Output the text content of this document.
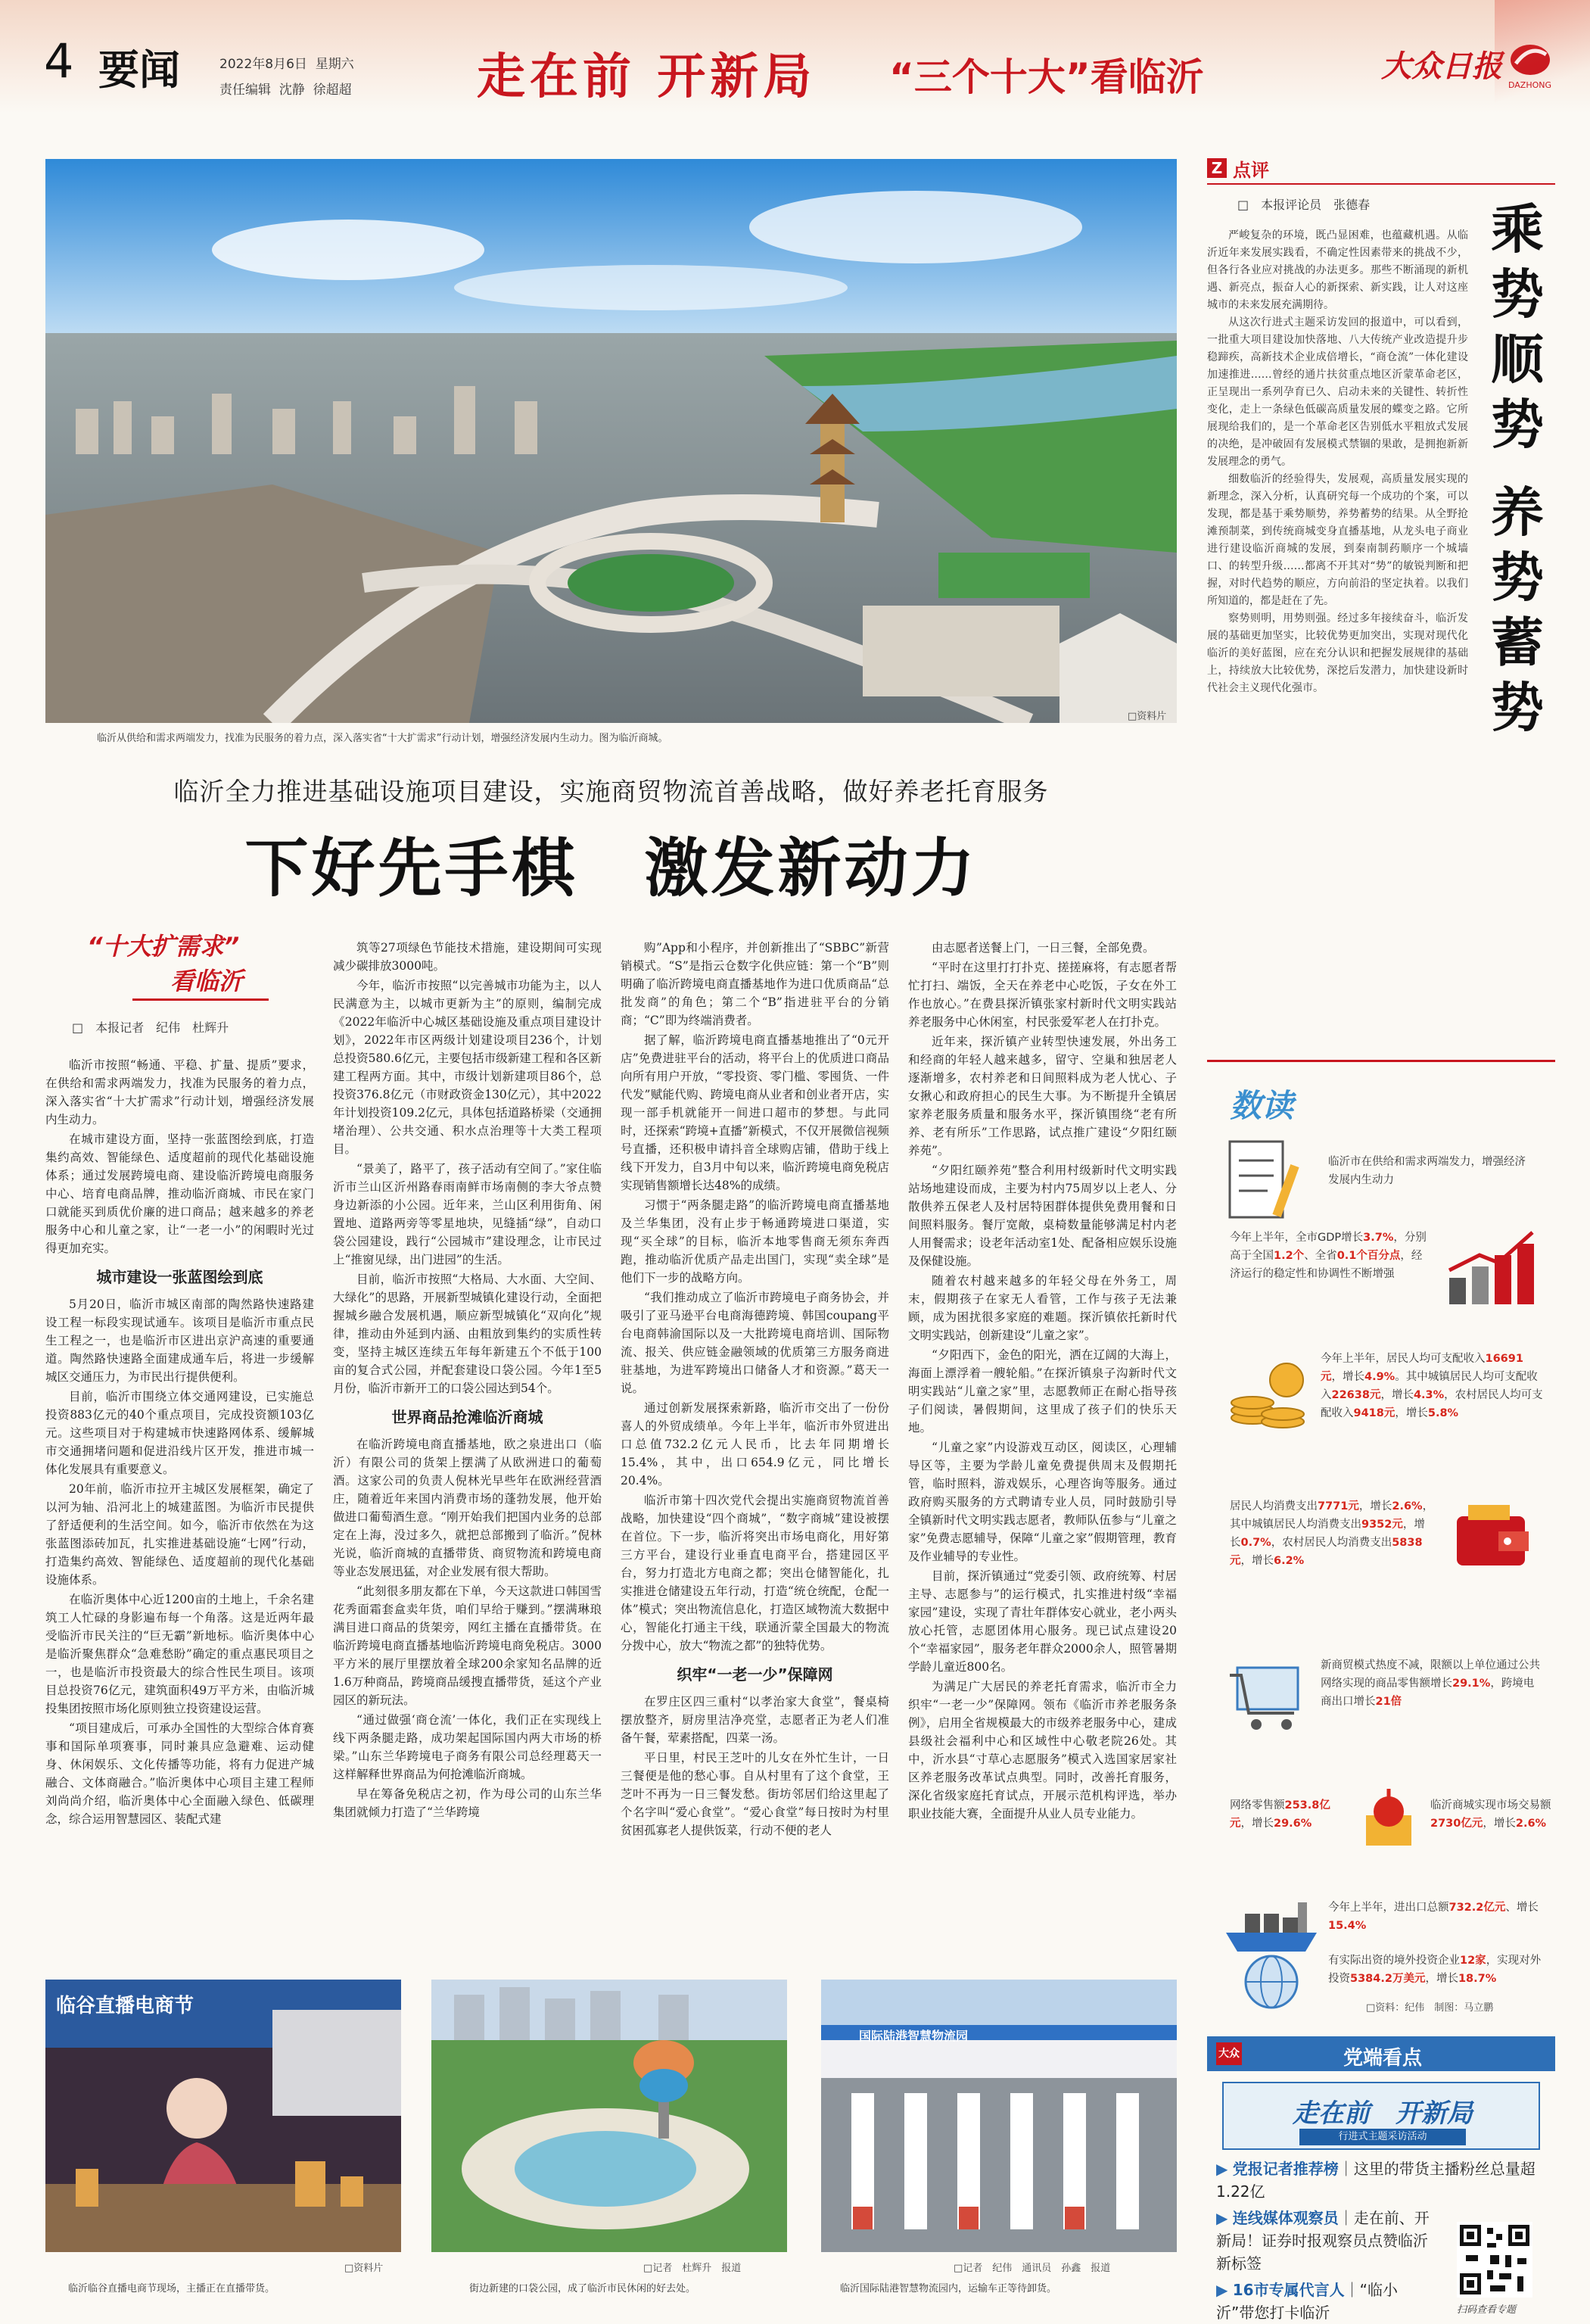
4 要闻	2022年8月6日 星期六
责任编辑 沈静 徐超超	走在前 开新局 “三个十大”看临沂	大众日报
DAZHONG
临沂从供给和需求两端发力，找准为民服务的着力点，深入落实省“十大扩需求”行动计划，增强经济发展内生动力。图为临沂商城。
□资料片
临沂全力推进基础设施项目建设，实施商贸物流首善战略，做好养老托育服务
下好先手棋　激发新动力
“十大扩需求”
看临沂
□　本报记者　纪伟　杜辉升

临沂市按照“畅通、平稳、扩量、提质”要求，在供给和需求两端发力，找准为民服务的着力点，深入落实省“十大扩需求”行动计划，增强经济发展内生动力。

在城市建设方面，坚持一张蓝图绘到底，打造集约高效、智能绿色、适度超前的现代化基础设施体系；通过发展跨境电商、建设临沂跨境电商服务中心、培育电商品牌，推动临沂商城、市民在家门口就能买到质优价廉的进口商品；越来越多的养老服务中心和儿童之家，让“一老一小”的闲暇时光过得更加充实。

城市建设一张蓝图绘到底

5月20日，临沂市城区南部的陶然路快速路建设工程一标段实现试通车。该项目是临沂市重点民生工程之一，也是临沂市区进出京沪高速的重要通道。陶然路快速路全面建成通车后，将进一步缓解城区交通压力，为市民出行提供便利。

目前，临沂市围绕立体交通网建设，已实施总投资883亿元的40个重点项目，完成投资额103亿元。这些项目对于构建城市快速路网体系、缓解城市交通拥堵问题和促进沿线片区开发，推进市城一体化发展具有重要意义。

20年前，临沂市拉开主城区发展框架，确定了以河为轴、沿河北上的城建蓝图。为临沂市民提供了舒适便利的生活空间。如今，临沂市依然在为这张蓝图添砖加瓦，扎实推进基础设施“七网”行动，打造集约高效、智能绿色、适度超前的现代化基础设施体系。

在临沂奥体中心近1200亩的土地上，千余名建筑工人忙碌的身影遍布每一个角落。这是近两年最受临沂市民关注的“巨无霸”新地标。临沂奥体中心是临沂聚焦群众“急难愁盼”确定的重点惠民项目之一，也是临沂市投资最大的综合性民生项目。该项目总投资76亿元，建筑面积49万平方米，由临沂城投集团按照市场化原则独立投资建设运营。

“项目建成后，可承办全国性的大型综合体育赛事和国际单项赛事，同时兼具应急避难、运动健身、休闲娱乐、文化传播等功能，将有力促进产城融合、文体商融合。”临沂奥体中心项目主建工程师刘尚尚介绍，临沂奥体中心全面融入绿色、低碳理念，综合运用智慧园区、装配式建

筑等27项绿色节能技术措施，建设期间可实现减少碳排放3000吨。

今年，临沂市按照“以完善城市功能为主，以人民满意为主，以城市更新为主”的原则，编制完成《2022年临沂中心城区基础设施及重点项目建设计划》，2022年市区两级计划建设项目236个，计划总投资580.6亿元，主要包括市级新建工程和各区新建工程两方面。其中，市级计划新建项目86个，总投资376.8亿元（市财政资金130亿元），其中2022年计划投资109.2亿元，具体包括道路桥梁（交通拥堵治理）、公共交通、积水点治理等十大类工程项目。

“景美了，路平了，孩子活动有空间了。”家住临沂市兰山区沂州路春雨南鲜市场南侧的李大爷点赞身边新添的小公园。近年来，兰山区利用街角、闲置地、道路两旁等零星地块，见缝插“绿”，自动口袋公园建设，践行“公园城市”建设理念，让市民过上“推窗见绿，出门进园”的生活。

目前，临沂市按照“大格局、大水面、大空间、大绿化”的思路，开展新型城镇化建设行动，全面把握城乡融合发展机遇，顺应新型城镇化“双向化”规律，推动由外延到内涵、由粗放到集约的实质性转变，坚持主城区连续五年每年新建五个不低于100亩的复合式公园，并配套建设口袋公园。今年1至5月份，临沂市新开工的口袋公园达到54个。

世界商品抢滩临沂商城

在临沂跨境电商直播基地，欧之泉进出口（临沂）有限公司的货架上摆满了从欧洲进口的葡萄酒。这家公司的负责人倪林光早些年在欧洲经营酒庄，随着近年来国内消费市场的蓬勃发展，他开始做进口葡萄酒生意。“刚开始我们把国内业务的总部定在上海，没过多久，就把总部搬到了临沂。”倪林光说，临沂商城的直播带货、商贸物流和跨境电商等业态发展迅猛，对企业发展有很大帮助。

“此刻很多朋友都在下单，今天这款进口韩国雪花秀面霜套盒卖年货，咱们早给于赚到。”摆满琳琅满目进口商品的货架旁，网红主播在直播带货。在临沂跨境电商直播基地临沂跨境电商免税店。3000平方米的展厅里摆放着全球200余家知名品牌的近1.6万种商品，跨境商品缓搜直播带货，延这个产业园区的新玩法。

“通过做强‘商仓流’一体化，我们正在实现线上线下两条腿走路，成功架起国际国内两大市场的桥梁。”山东兰华跨境电子商务有限公司总经理葛天一这样解释世界商品为何抢滩临沂商城。

早在筹备免税店之初，作为母公司的山东兰华集团就倾力打造了“兰华跨境

购”App和小程序，并创新推出了“SBBC”新营销模式。“S”是指云仓数字化供应链：第一个“B”则明确了临沂跨境电商直播基地作为进口优质商品“总批发商”的角色；第二个“B”指进驻平台的分销商；“C”即为终端消费者。

据了解，临沂跨境电商直播基地推出了“0元开店”免费进驻平台的活动，将平台上的优质进口商品向所有用户开放，“零投资、零门槛、零囤货、一件代发”赋能代购、跨境电商从业者和创业者开店，实现一部手机就能开一间进口超市的梦想。与此同时，还探索“跨境+直播”新模式，不仅开展微信视频号直播，还积极申请抖音全球购店铺，借助于线上线下开发力，自3月中旬以来，临沂跨境电商免税店实现销售额增长达48%的成绩。

习惯于“两条腿走路”的临沂跨境电商直播基地及兰华集团，没有止步于畅通跨境进口渠道，实现“买全球”的目标，临沂本地零售商无须东奔西跑，推动临沂优质产品走出国门，实现“卖全球”是他们下一步的战略方向。

“我们推动成立了临沂市跨境电子商务协会，并吸引了亚马逊平台电商海德跨境、韩国coupang平台电商韩渝国际以及一大批跨境电商培训、国际物流、报关、供应链金融领域的优质第三方服务商进驻基地，为进军跨境出口储备人才和资源。”葛天一说。

通过创新发展探索新路，临沂市交出了一份份喜人的外贸成绩单。今年上半年，临沂市外贸进出口总值732.2亿元人民币，比去年同期增长15.4%，其中，出口654.9亿元，同比增长20.4%。

临沂市第十四次党代会提出实施商贸物流首善战略，加快建设“四个商城”，“数字商城”建设被摆在首位。下一步，临沂将突出市场电商化，用好第三方平台，建设行业垂直电商平台，搭建园区平台，努力打造北方电商之都；突出仓储智能化，扎实推进仓储建设五年行动，打造“统仓统配，仓配一体”模式；突出物流信息化，打造区域物流大数据中心，智能化打通主干线，联通沂蒙全国最大的物流分拨中心，放大“物流之都”的独特优势。

织牢“一老一少”保障网

在罗庄区四三重村“以孝治家大食堂”，餐桌椅摆放整齐，厨房里洁净亮堂，志愿者正为老人们准备午餐，荤素搭配，四菜一汤。

平日里，村民王芝叶的儿女在外忙生计，一日三餐便是他的愁心事。自从村里有了这个食堂，王芝叶不再为一日三餐发愁。街坊邻居们给这里起了个名字叫“爱心食堂”。“爱心食堂”每日按时为村里贫困孤寡老人提供饭菜，行动不便的老人

由志愿者送餐上门，一日三餐，全部免费。

“平时在这里打打扑克、搓搓麻将，有志愿者帮忙打扫、端饭，全天在养老中心吃饭，子女在外工作也放心。”在费县探沂镇张家村新时代文明实践站养老服务中心休闲室，村民张爱军老人在打扑克。

近年来，探沂镇产业转型快速发展，外出务工和经商的年轻人越来越多，留守、空巢和独居老人逐渐增多，农村养老和日间照料成为老人忧心、子女揪心和政府担心的民生大事。为不断提升全镇居家养老服务质量和服务水平，探沂镇围绕“老有所养、老有所乐”工作思路，试点推广建设“夕阳红颐养苑”。

“夕阳红颐养苑”整合利用村级新时代文明实践站场地建设而成，主要为村内75周岁以上老人、分散供养五保老人及村居特困群体提供免费用餐和日间照料服务。餐厅宽敞，桌椅数量能够满足村内老人用餐需求；设老年活动室1处、配备相应娱乐设施及保健设施。

随着农村越来越多的年轻父母在外务工，周末，假期孩子在家无人看管，工作与孩子无法兼顾，成为困扰很多家庭的难题。探沂镇依托新时代文明实践站，创新建设“儿童之家”。

“夕阳西下，金色的阳光，洒在辽阔的大海上，海面上漂浮着一艘轮船。”在探沂镇泉子沟新时代文明实践站“儿童之家”里，志愿教师正在耐心指导孩子们阅读，暑假期间，这里成了孩子们的快乐天地。

“儿童之家”内设游戏互动区，阅读区，心理辅导区等，主要为学龄儿童免费提供周末及假期托管，临时照料，游戏娱乐，心理咨询等服务。通过政府购买服务的方式聘请专业人员，同时鼓励引导全镇新时代文明实践志愿者，教师队伍参与“儿童之家”免费志愿辅导，保障“儿童之家”假期管理，教育及作业辅导的专业性。

目前，探沂镇通过“党委引领、政府统筹、村居主导、志愿参与”的运行模式，扎实推进村级“幸福家园”建设，实现了青壮年群体安心就业，老小两头放心托管，志愿团体用心服务。现已试点建设20个“幸福家园”，服务老年群众2000余人，照管暑期学龄儿童近800名。

为满足广大居民的养老托育需求，临沂市全力织牢“一老一少”保障网。领布《临沂市养老服务条例》，启用全省规模最大的市级养老服务中心，建成县级社会福利中心和区域性中心敬老院26处。其中，沂水县“寸草心志愿服务”模式入选国家居家社区养老服务改革试点典型。同时，改善托育服务，深化省级家庭托育试点，开展示范机构评选，举办职业技能大赛，全面提升从业人员专业能力。

临谷直播电商节
□资料片
临沂临谷直播电商节现场，主播正在直播带货。
□记者　杜辉升　报道
街边新建的口袋公园，成了临沂市民休闲的好去处。
国际陆港智慧物流园
□记者　纪伟　通讯员　孙鑫　报道
临沂国际陆港智慧物流园内，运输车正等待卸货。
Z 点评
□　本报评论员　张德春

严峻复杂的环境，既凸显困难，也蕴藏机遇。从临沂近年来发展实践看，不确定性因素带来的挑战不少，但各行各业应对挑战的办法更多。那些不断涌现的新机遇、新亮点，振奋人心的新探索、新实践，让人对这座城市的未来发展充满期待。

从这次行进式主题采访发回的报道中，可以看到，一批重大项目建设加快落地、八大传统产业改造提升步稳蹄疾，高新技术企业成倍增长，“商仓流”一体化建设加速推进……曾经的通片扶贫重点地区沂蒙革命老区，正呈现出一系列孕育已久、启动未来的关键性、转折性变化，走上一条绿色低碳高质量发展的蝶变之路。它所展现给我们的，是一个革命老区告别低水平粗放式发展的决绝，是冲破固有发展模式禁锢的果敢，是拥抱新新发展理念的勇气。

细数临沂的经验得失，发展观，高质量发展实现的新理念，深入分析，认真研究每一个成功的个案，可以发现，都是基于乘势顺势，养势蓄势的结果。从全野抢滩预制菜，到传统商城变身直播基地，从龙头电子商业进行建设临沂商城的发展，到秦南制药顺序一个城墙口、的转型升级……都离不开其对“势”的敏锐判断和把握，对时代趋势的顺应，方向前沿的坚定执着。以我们所知道的，都是赶在了先。

察势则明，用势则强。经过多年接续奋斗，临沂发展的基础更加坚实，比较优势更加突出，实现对现代化临沂的美好蓝图，应在充分认识和把握发展规律的基础上，持续放大比较优势，深挖后发潜力，加快建设新时代社会主义现代化强市。

乘势顺势
养势蓄势
数读
临沂市在供给和需求两端发力，增强经济发展内生动力
今年上半年，全市GDP增长3.7%，分别高于全国1.2个、全省0.1个百分点，经济运行的稳定性和协调性不断增强
今年上半年，居民人均可支配收入16691元，增长4.9%。其中城镇居民人均可支配收入22638元，增长4.3%，农村居民人均可支配收入9418元，增长5.8%
居民人均消费支出7771元，增长2.6%，其中城镇居民人均消费支出9352元，增长0.7%，农村居民人均消费支出5838元，增长6.2%
新商贸模式热度不减，限额以上单位通过公共网络实现的商品零售额增长29.1%，跨境电商出口增长21倍
网络零售额253.8亿元，增长29.6%
临沂商城实现市场交易额2730亿元，增长2.6%
今年上半年，进出口总额732.2亿元、增长15.4%
有实际出资的境外投资企业12家，实现对外投资5384.2万美元，增长18.7%
□资料：纪伟　制图：马立鹏
大众	党端看点
走在前　开新局
行进式主题采访活动
▶ 党报记者推荐榜｜这里的带货主播粉丝总量超1.22亿
▶ 连线媒体观察员｜走在前、开新局！证券时报观察员点赞临沂新标签
▶ 16市专属代言人｜“临小沂”带您打卡临沂	扫码查看专题
